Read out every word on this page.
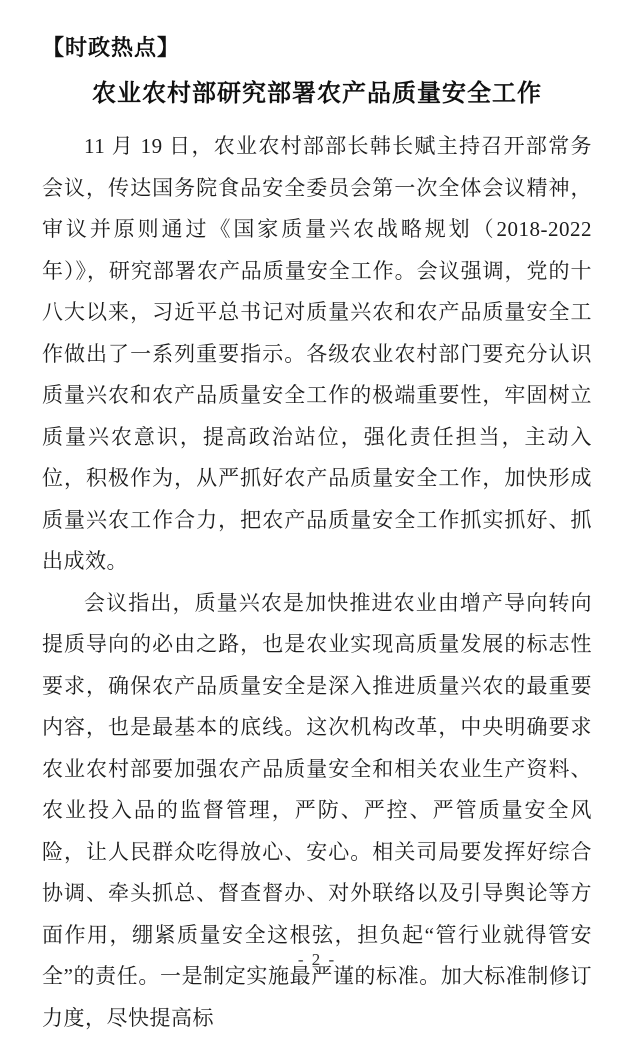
【时政热点】
农业农村部研究部署农产品质量安全工作

11 月 19 日，农业农村部部长韩长赋主持召开部常务会议，传达国务院食品安全委员会第一次全体会议精神，审议并原则通过《国家质量兴农战略规划（2018-2022 年）》，研究部署农产品质量安全工作。会议强调，党的十八大以来，习近平总书记对质量兴农和农产品质量安全工作做出了一系列重要指示。各级农业农村部门要充分认识质量兴农和农产品质量安全工作的极端重要性，牢固树立质量兴农意识，提高政治站位，强化责任担当，主动入位，积极作为，从严抓好农产品质量安全工作，加快形成质量兴农工作合力，把农产品质量安全工作抓实抓好、抓出成效。

会议指出，质量兴农是加快推进农业由增产导向转向提质导向的必由之路，也是农业实现高质量发展的标志性要求，确保农产品质量安全是深入推进质量兴农的最重要内容，也是最基本的底线。这次机构改革，中央明确要求农业农村部要加强农产品质量安全和相关农业生产资料、农业投入品的监督管理，严防、严控、严管质量安全风险，让人民群众吃得放心、安心。相关司局要发挥好综合协调、牵头抓总、督查督办、对外联络以及引导舆论等方面作用，绷紧质量安全这根弦，担负起“管行业就得管安全”的责任。一是制定实施最严谨的标准。加大标准制修订力度，尽快提高标

- 2 -
